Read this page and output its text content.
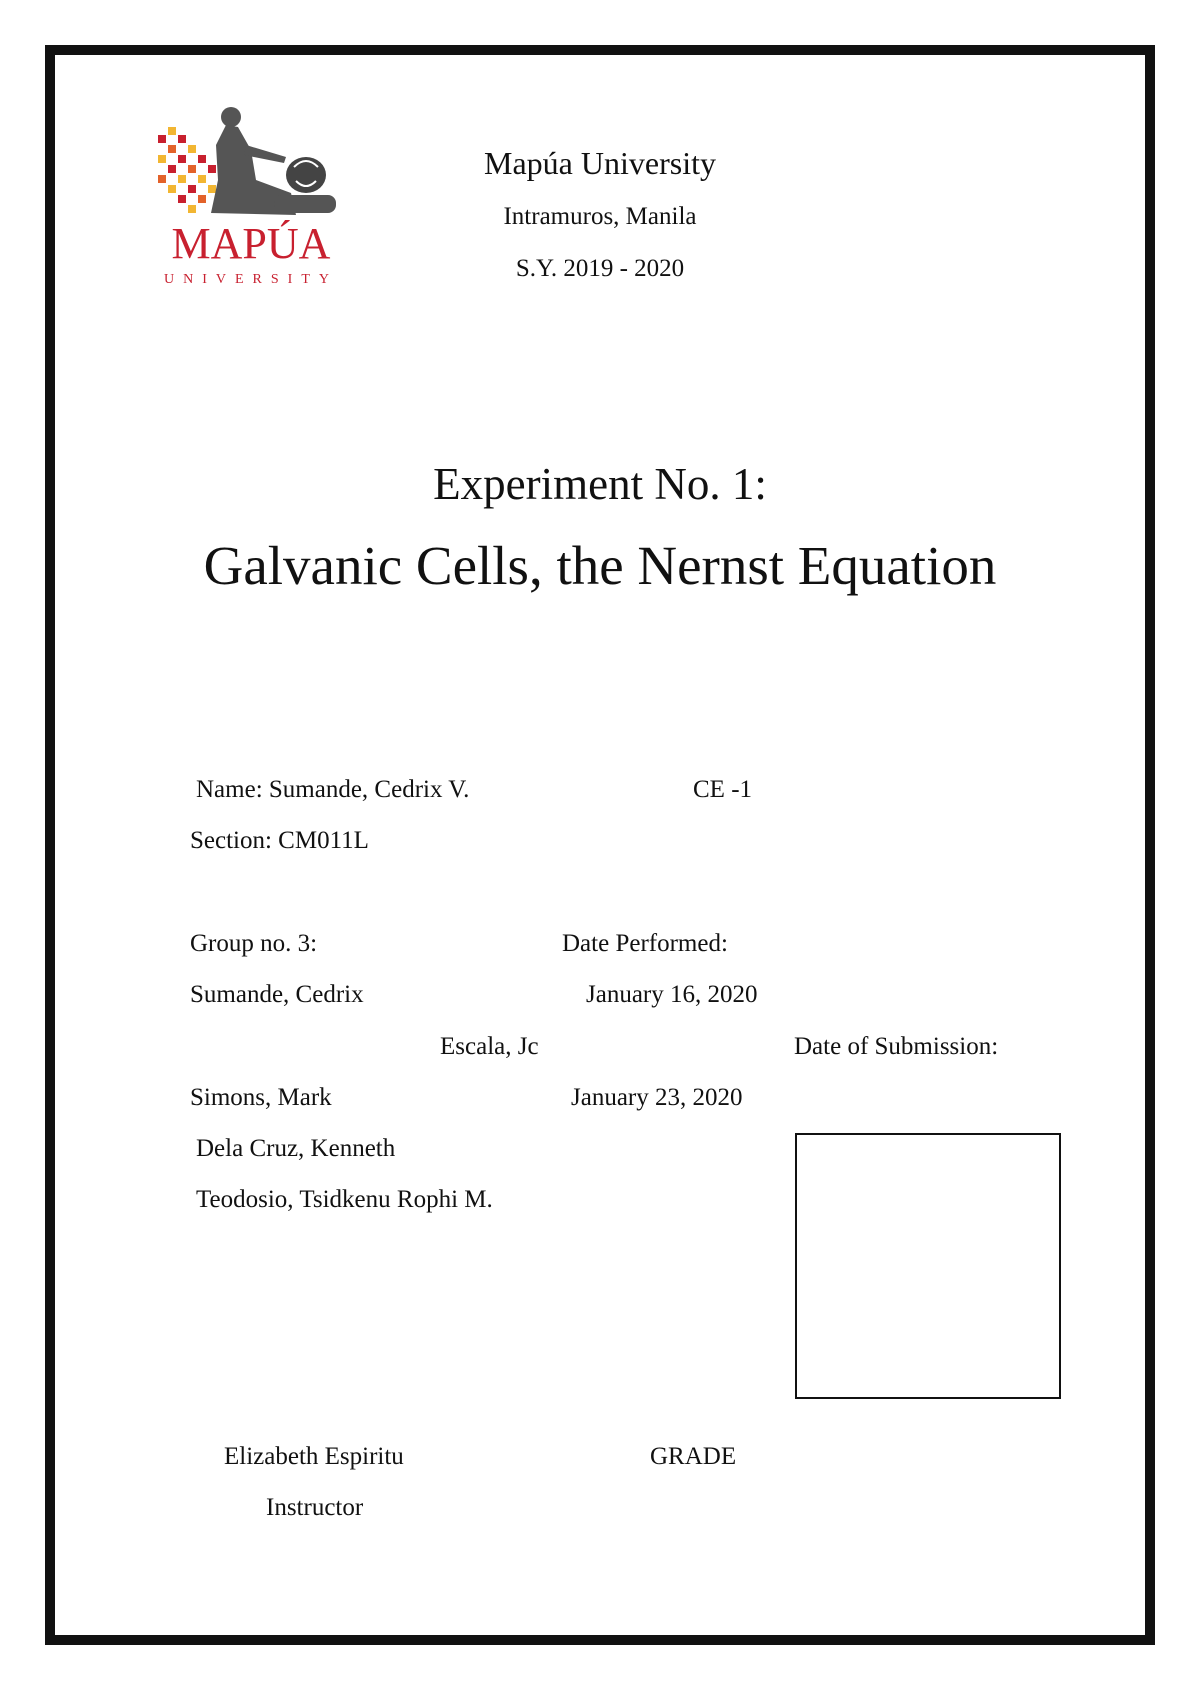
MAPÚA
UNIVERSITY
Mapúa University
Intramuros, Manila
S.Y. 2019 - 2020
Experiment No. 1:
Galvanic Cells, the Nernst Equation
Name: Sumande, Cedrix V.	CE -1
Section: CM011L
Group no. 3:	Date Performed:
Sumande, Cedrix	January 16, 2020
Escala, Jc	Date of Submission:
Simons, Mark	January 23, 2020
Dela Cruz, Kenneth
Teodosio, Tsidkenu Rophi M.
Elizabeth Espiritu	GRADE
Instructor
